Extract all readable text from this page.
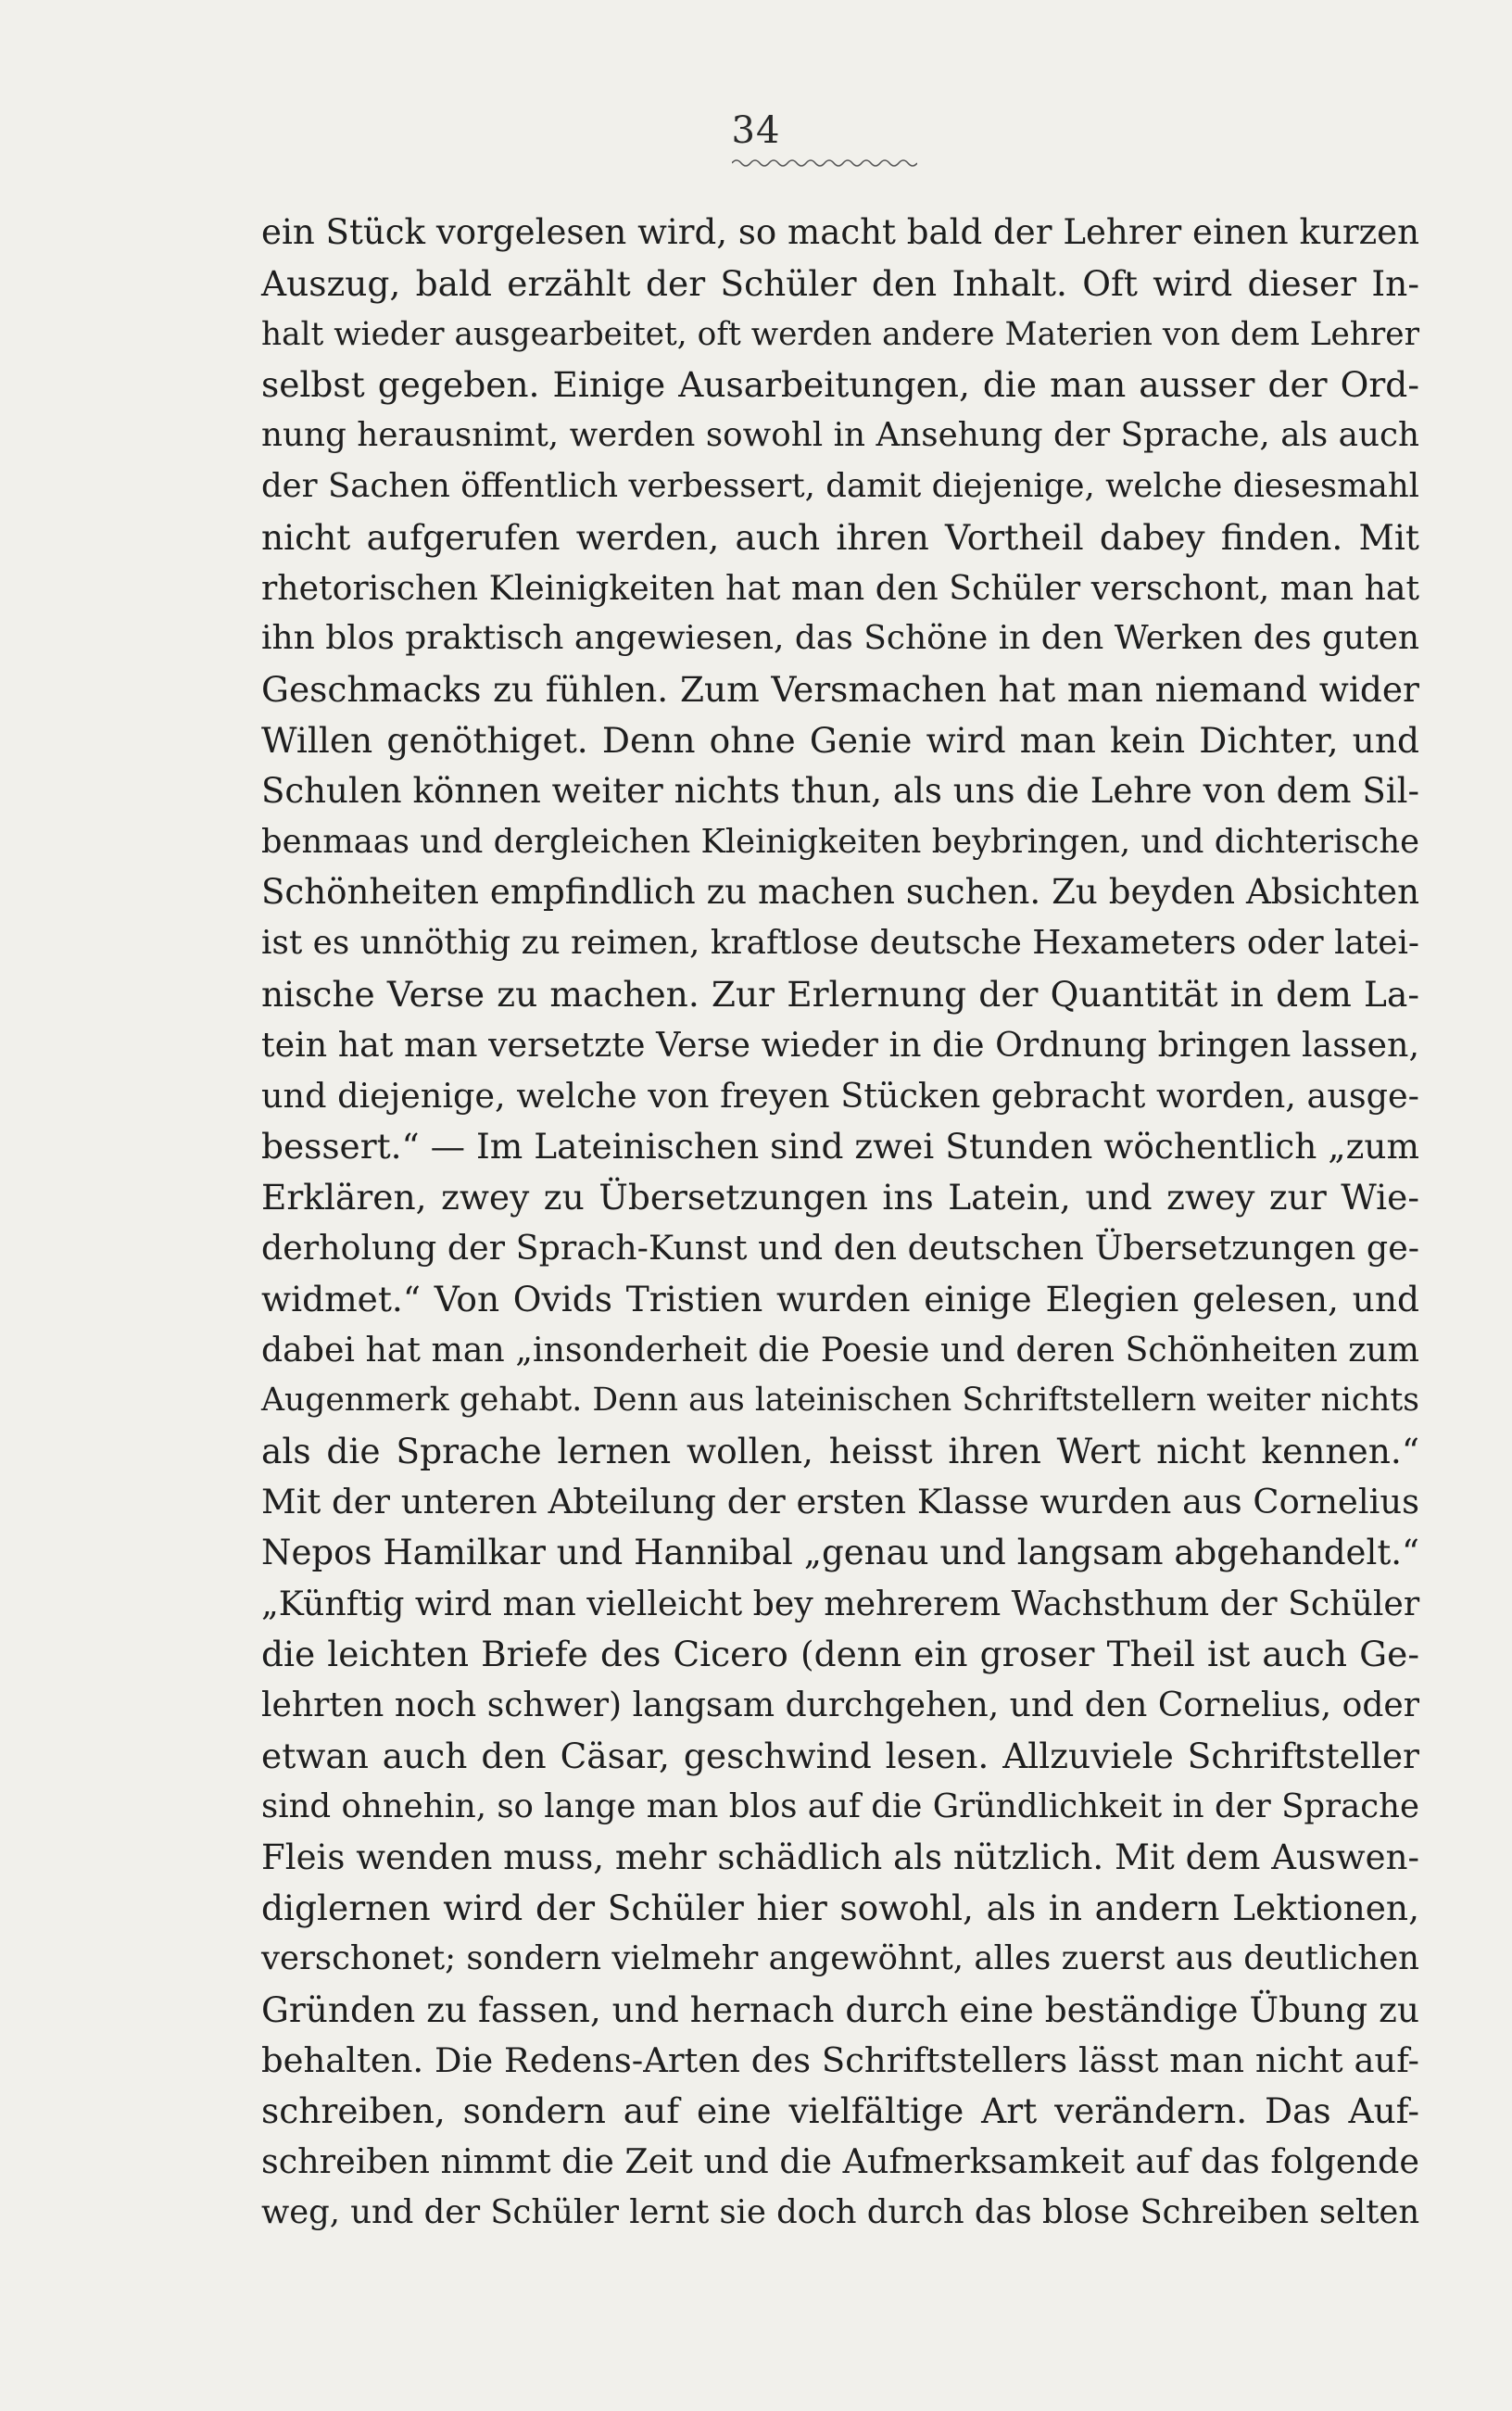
34
ein Stück vorgelesen wird, so macht bald der Lehrer einen kurzen
Auszug, bald erzählt der Schüler den Inhalt. Oft wird dieser In-
halt wieder ausgearbeitet, oft werden andere Materien von dem Lehrer
selbst gegeben. Einige Ausarbeitungen, die man ausser der Ord-
nung herausnimt, werden sowohl in Ansehung der Sprache, als auch
der Sachen öffentlich verbessert, damit diejenige, welche diesesmahl
nicht aufgerufen werden, auch ihren Vortheil dabey finden. Mit
rhetorischen Kleinigkeiten hat man den Schüler verschont, man hat
ihn blos praktisch angewiesen, das Schöne in den Werken des guten
Geschmacks zu fühlen. Zum Versmachen hat man niemand wider
Willen genöthiget. Denn ohne Genie wird man kein Dichter, und
Schulen können weiter nichts thun, als uns die Lehre von dem Sil-
benmaas und dergleichen Kleinigkeiten beybringen, und dichterische
Schönheiten empfindlich zu machen suchen. Zu beyden Absichten
ist es unnöthig zu reimen, kraftlose deutsche Hexameters oder latei-
nische Verse zu machen. Zur Erlernung der Quantität in dem La-
tein hat man versetzte Verse wieder in die Ordnung bringen lassen,
und diejenige, welche von freyen Stücken gebracht worden, ausge-
bessert.“ — Im Lateinischen sind zwei Stunden wöchentlich „zum
Erklären, zwey zu Übersetzungen ins Latein, und zwey zur Wie-
derholung der Sprach-Kunst und den deutschen Übersetzungen ge-
widmet.“ Von Ovids Tristien wurden einige Elegien gelesen, und
dabei hat man „insonderheit die Poesie und deren Schönheiten zum
Augenmerk gehabt. Denn aus lateinischen Schriftstellern weiter nichts
als die Sprache lernen wollen, heisst ihren Wert nicht kennen.“
Mit der unteren Abteilung der ersten Klasse wurden aus Cornelius
Nepos Hamilkar und Hannibal „genau und langsam abgehandelt.“
„Künftig wird man vielleicht bey mehrerem Wachsthum der Schüler
die leichten Briefe des Cicero (denn ein groser Theil ist auch Ge-
lehrten noch schwer) langsam durchgehen, und den Cornelius, oder
etwan auch den Cäsar, geschwind lesen. Allzuviele Schriftsteller
sind ohnehin, so lange man blos auf die Gründlichkeit in der Sprache
Fleis wenden muss, mehr schädlich als nützlich. Mit dem Auswen-
diglernen wird der Schüler hier sowohl, als in andern Lektionen,
verschonet; sondern vielmehr angewöhnt, alles zuerst aus deutlichen
Gründen zu fassen, und hernach durch eine beständige Übung zu
behalten. Die Redens-Arten des Schriftstellers lässt man nicht auf-
schreiben, sondern auf eine vielfältige Art verändern. Das Auf-
schreiben nimmt die Zeit und die Aufmerksamkeit auf das folgende
weg, und der Schüler lernt sie doch durch das blose Schreiben selten
